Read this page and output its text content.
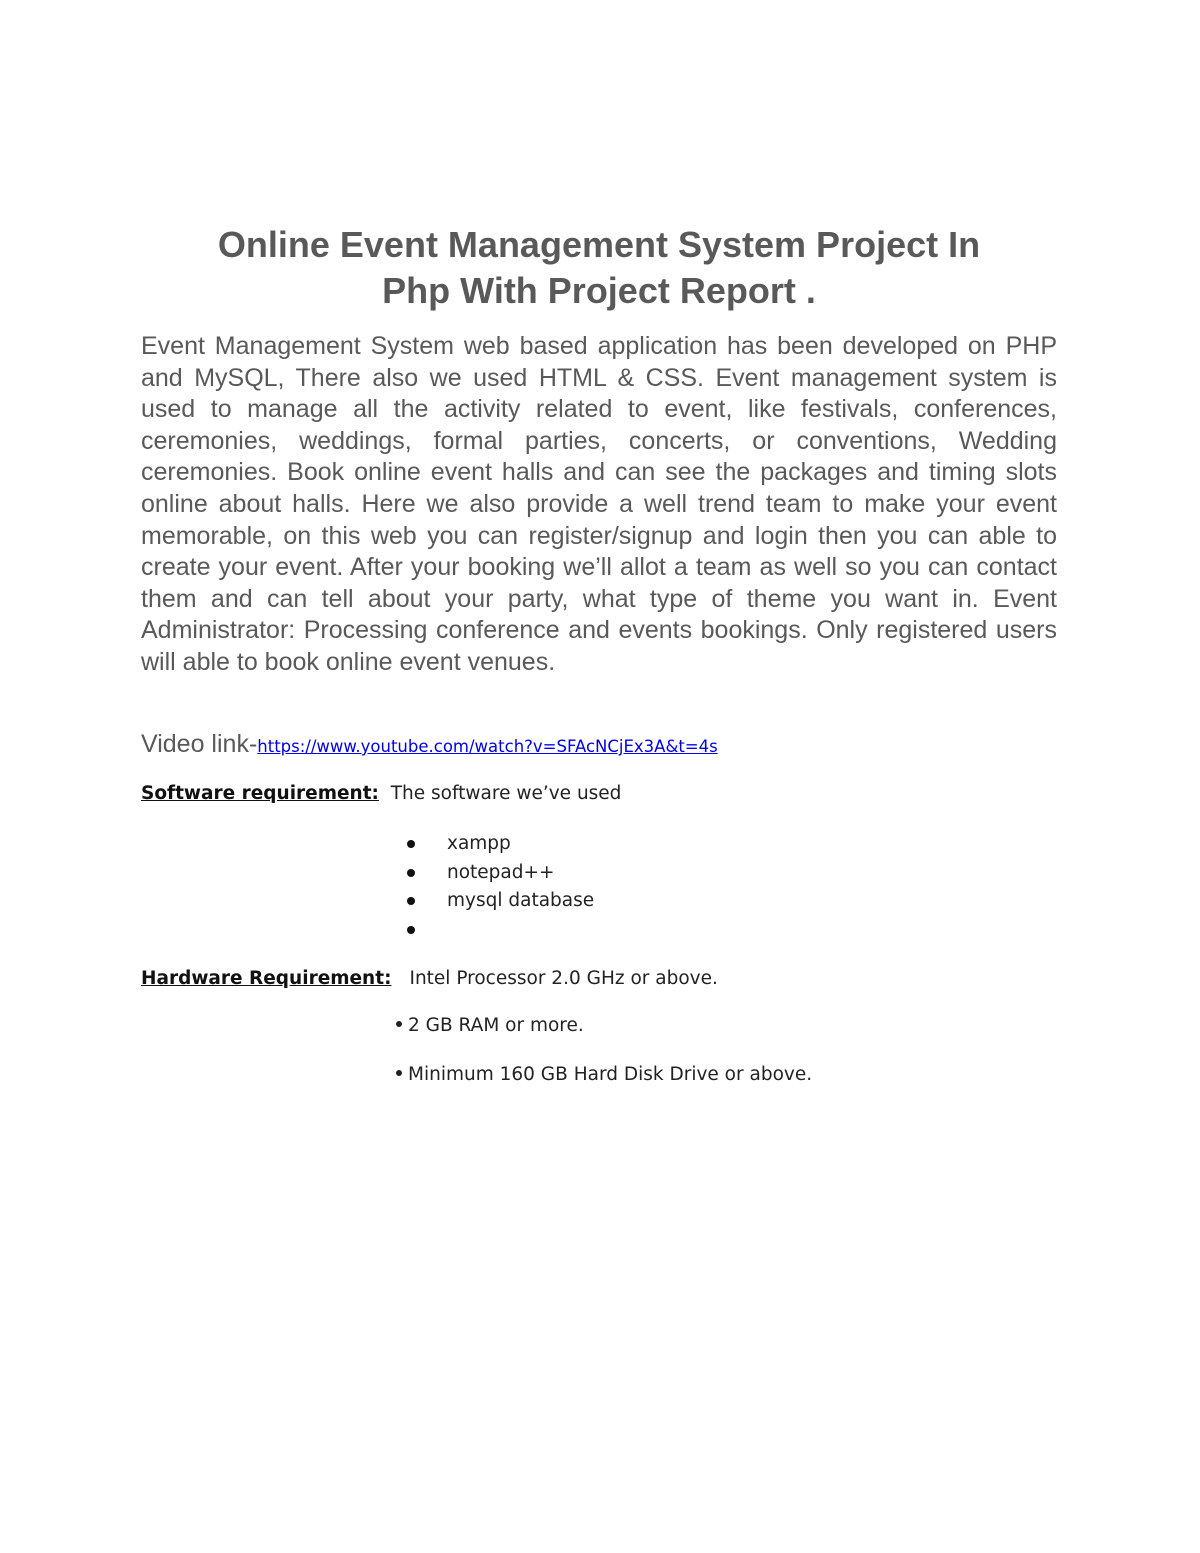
Online Event Management System Project In
Php With Project Report .
Event Management System web based application has been developed on PHP and MySQL, There also we used HTML & CSS. Event management system is used to manage all the activity related to event, like festivals, conferences, ceremonies, weddings, formal parties, concerts, or conventions, Wedding ceremonies. Book online event halls and can see the packages and timing slots online about halls. Here we also provide a well trend team to make your event memorable, on this web you can register/signup and login then you can able to create your event. After your booking we’ll allot a team as well so you can contact them and can tell about your party, what type of theme you want in. Event Administrator: Processing conference and events bookings. Only registered users will able to book online event venues.
Video link-https://www.youtube.com/watch?v=SFAcNCjEx3A&t=4s
Software requirement: The software we’ve used
xampp
notepad++
mysql database
Hardware Requirement: Intel Processor 2.0 GHz or above.
2 GB RAM or more.
Minimum 160 GB Hard Disk Drive or above.
